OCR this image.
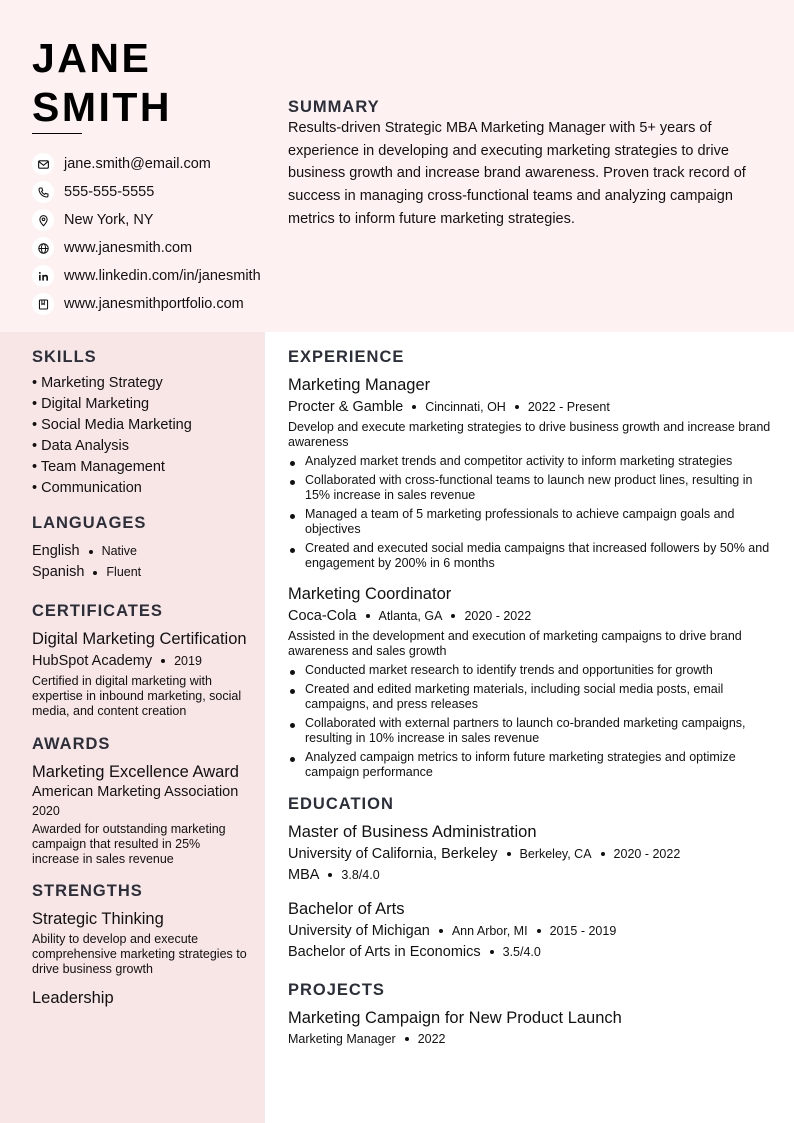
JANE
SMITH
jane.smith@email.com
555-555-5555
New York, NY
www.janesmith.com
www.linkedin.com/in/janesmith
www.janesmithportfolio.com
SUMMARY
Results-driven Strategic MBA Marketing Manager with 5+ years of experience in developing and executing marketing strategies to drive business growth and increase brand awareness. Proven track record of success in managing cross-functional teams and analyzing campaign metrics to inform future marketing strategies.
SKILLS
• Marketing Strategy
• Digital Marketing
• Social Media Marketing
• Data Analysis
• Team Management
• Communication
LANGUAGES
English Native
Spanish Fluent
CERTIFICATES
Digital Marketing Certification
HubSpot Academy 2019
Certified in digital marketing with expertise in inbound marketing, social media, and content creation
AWARDS
Marketing Excellence Award
American Marketing Association
2020
Awarded for outstanding marketing campaign that resulted in 25% increase in sales revenue
STRENGTHS
Strategic Thinking
Ability to develop and execute comprehensive marketing strategies to drive business growth
Leadership
EXPERIENCE
Marketing Manager
Procter & Gamble Cincinnati, OH 2022 - Present
Develop and execute marketing strategies to drive business growth and increase brand awareness
Analyzed market trends and competitor activity to inform marketing strategies
Collaborated with cross-functional teams to launch new product lines, resulting in 15% increase in sales revenue
Managed a team of 5 marketing professionals to achieve campaign goals and objectives
Created and executed social media campaigns that increased followers by 50% and engagement by 200% in 6 months
Marketing Coordinator
Coca-Cola Atlanta, GA 2020 - 2022
Assisted in the development and execution of marketing campaigns to drive brand awareness and sales growth
Conducted market research to identify trends and opportunities for growth
Created and edited marketing materials, including social media posts, email campaigns, and press releases
Collaborated with external partners to launch co-branded marketing campaigns, resulting in 10% increase in sales revenue
Analyzed campaign metrics to inform future marketing strategies and optimize campaign performance
EDUCATION
Master of Business Administration
University of California, Berkeley Berkeley, CA 2020 - 2022
MBA 3.8/4.0
Bachelor of Arts
University of Michigan Ann Arbor, MI 2015 - 2019
Bachelor of Arts in Economics 3.5/4.0
PROJECTS
Marketing Campaign for New Product Launch
Marketing Manager 2022
